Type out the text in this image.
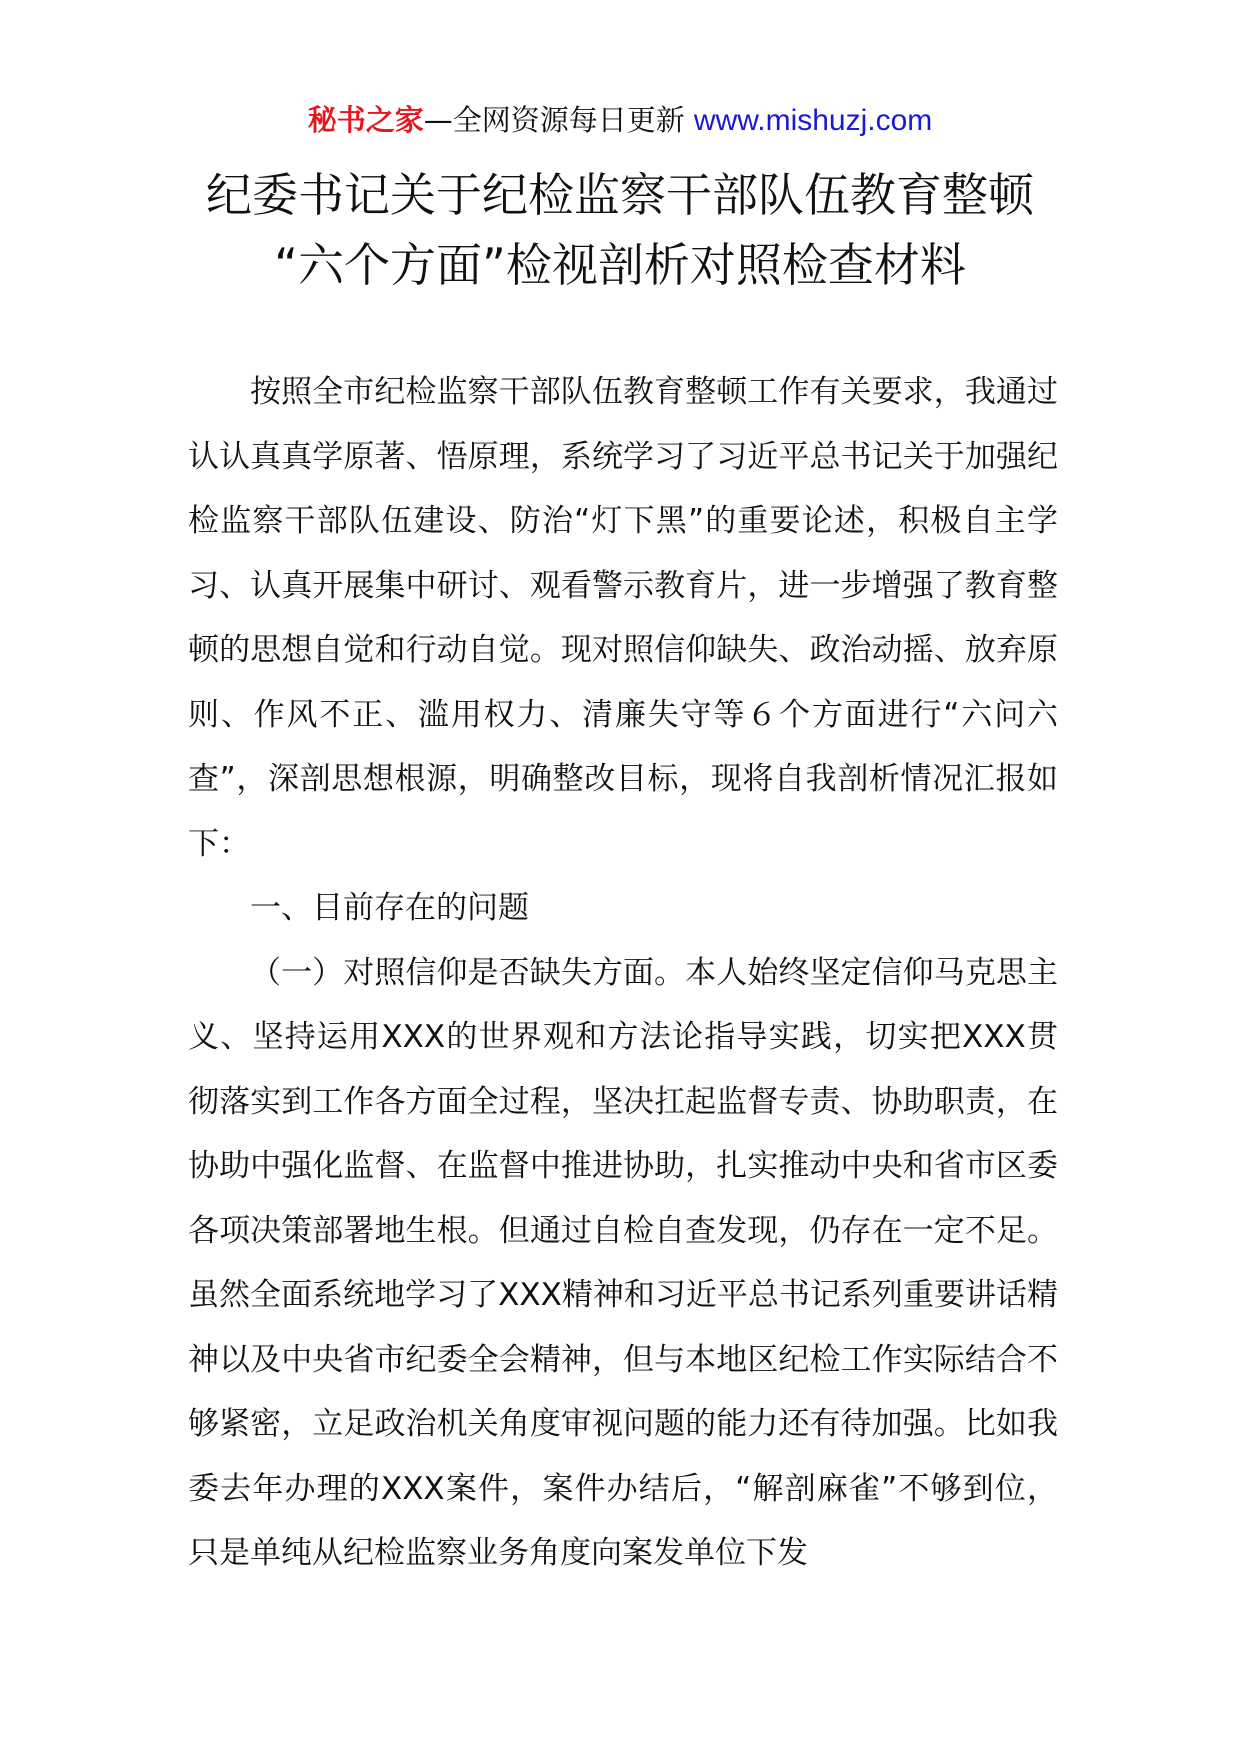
秘书之家—全网资源每日更新 www.mishuzj.com
纪委书记关于纪检监察干部队伍教育整顿
“六个方面”检视剖析对照检查材料

按照全市纪检监察干部队伍教育整顿工作有关要求，我通过认认真真学原著、悟原理，系统学习了习近平总书记关于加强纪检监察干部队伍建设、防治“灯下黑”的重要论述，积极自主学习、认真开展集中研讨、观看警示教育片，进一步增强了教育整顿的思想自觉和行动自觉。现对照信仰缺失、政治动摇、放弃原则、作风不正、滥用权力、清廉失守等６个方面进行“六问六查”，深剖思想根源，明确整改目标，现将自我剖析情况汇报如下：

一、目前存在的问题

（一）对照信仰是否缺失方面。本人始终坚定信仰马克思主义、坚持运用XXX的世界观和方法论指导实践，切实把XXX贯彻落实到工作各方面全过程，坚决扛起监督专责、协助职责，在协助中强化监督、在监督中推进协助，扎实推动中央和省市区委各项决策部署地生根。但通过自检自查发现，仍存在一定不足。虽然全面系统地学习了XXX精神和习近平总书记系列重要讲话精神以及中央省市纪委全会精神，但与本地区纪检工作实际结合不够紧密，立足政治机关角度审视问题的能力还有待加强。比如我委去年办理的XXX案件，案件办结后，“解剖麻雀”不够到位，只是单纯从纪检监察业务角度向案发单位下发
